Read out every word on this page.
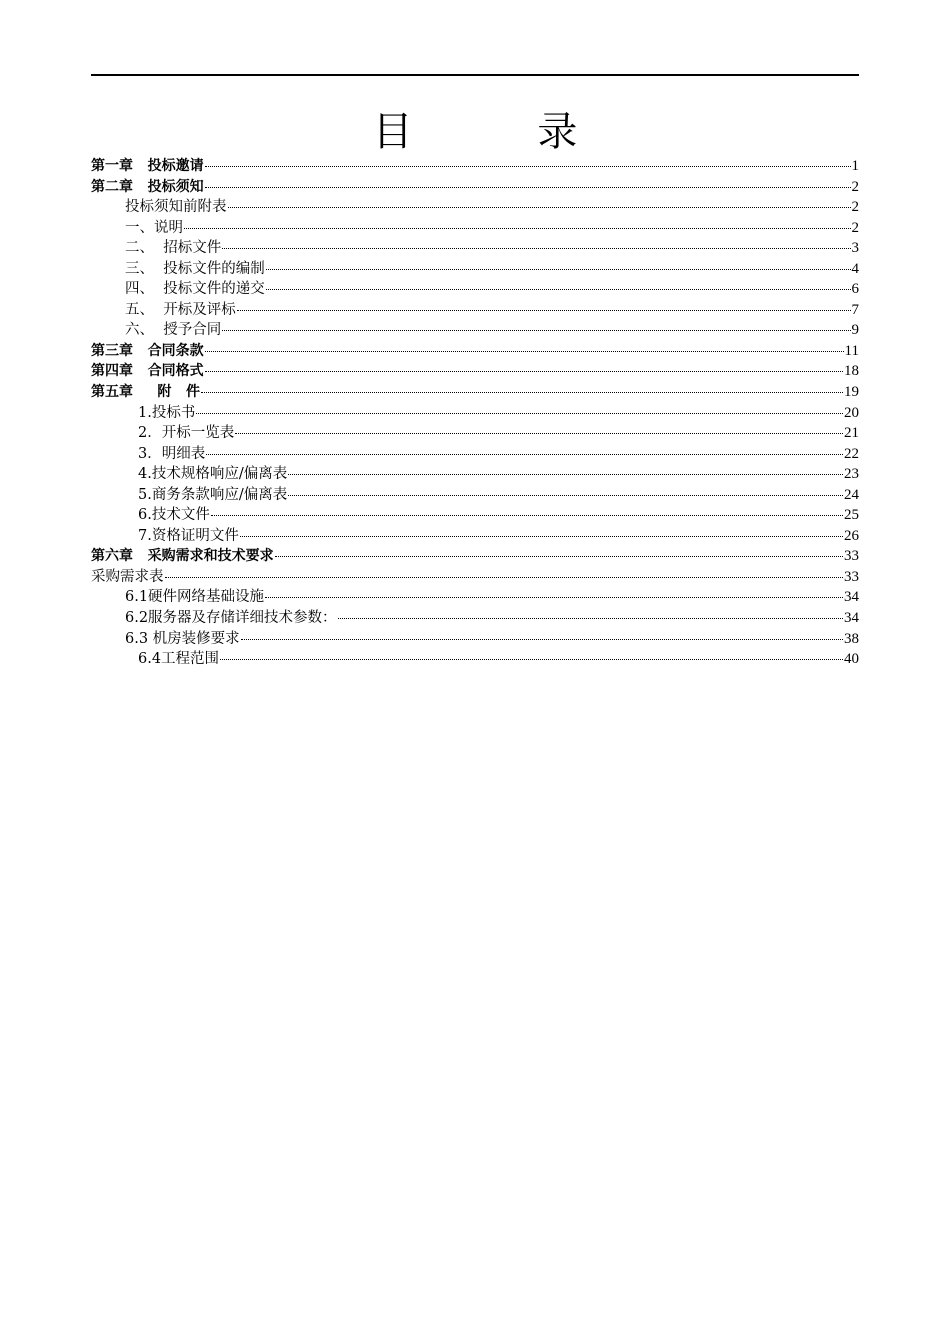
目 录
第一章   投标邀请	1
第二章   投标须知	2
投标须知前附表	2
一、说明	2
二、  招标文件	3
三、  投标文件的编制	4
四、  投标文件的递交	6
五、  开标及评标	7
六、  授予合同	9
第三章   合同条款	11
第四章   合同格式	18
第五章     附   件	19
1.投标书	20
2．开标一览表	21
3．明细表	22
4.技术规格响应/偏离表	23
5.商务条款响应/偏离表	24
6.技术文件	25
7.资格证明文件	26
第六章   采购需求和技术要求	33
采购需求表	33
6.1硬件网络基础设施	34
6.2服务器及存储详细技术参数：	34
6.3 机房装修要求	38
6.4工程范围	40
